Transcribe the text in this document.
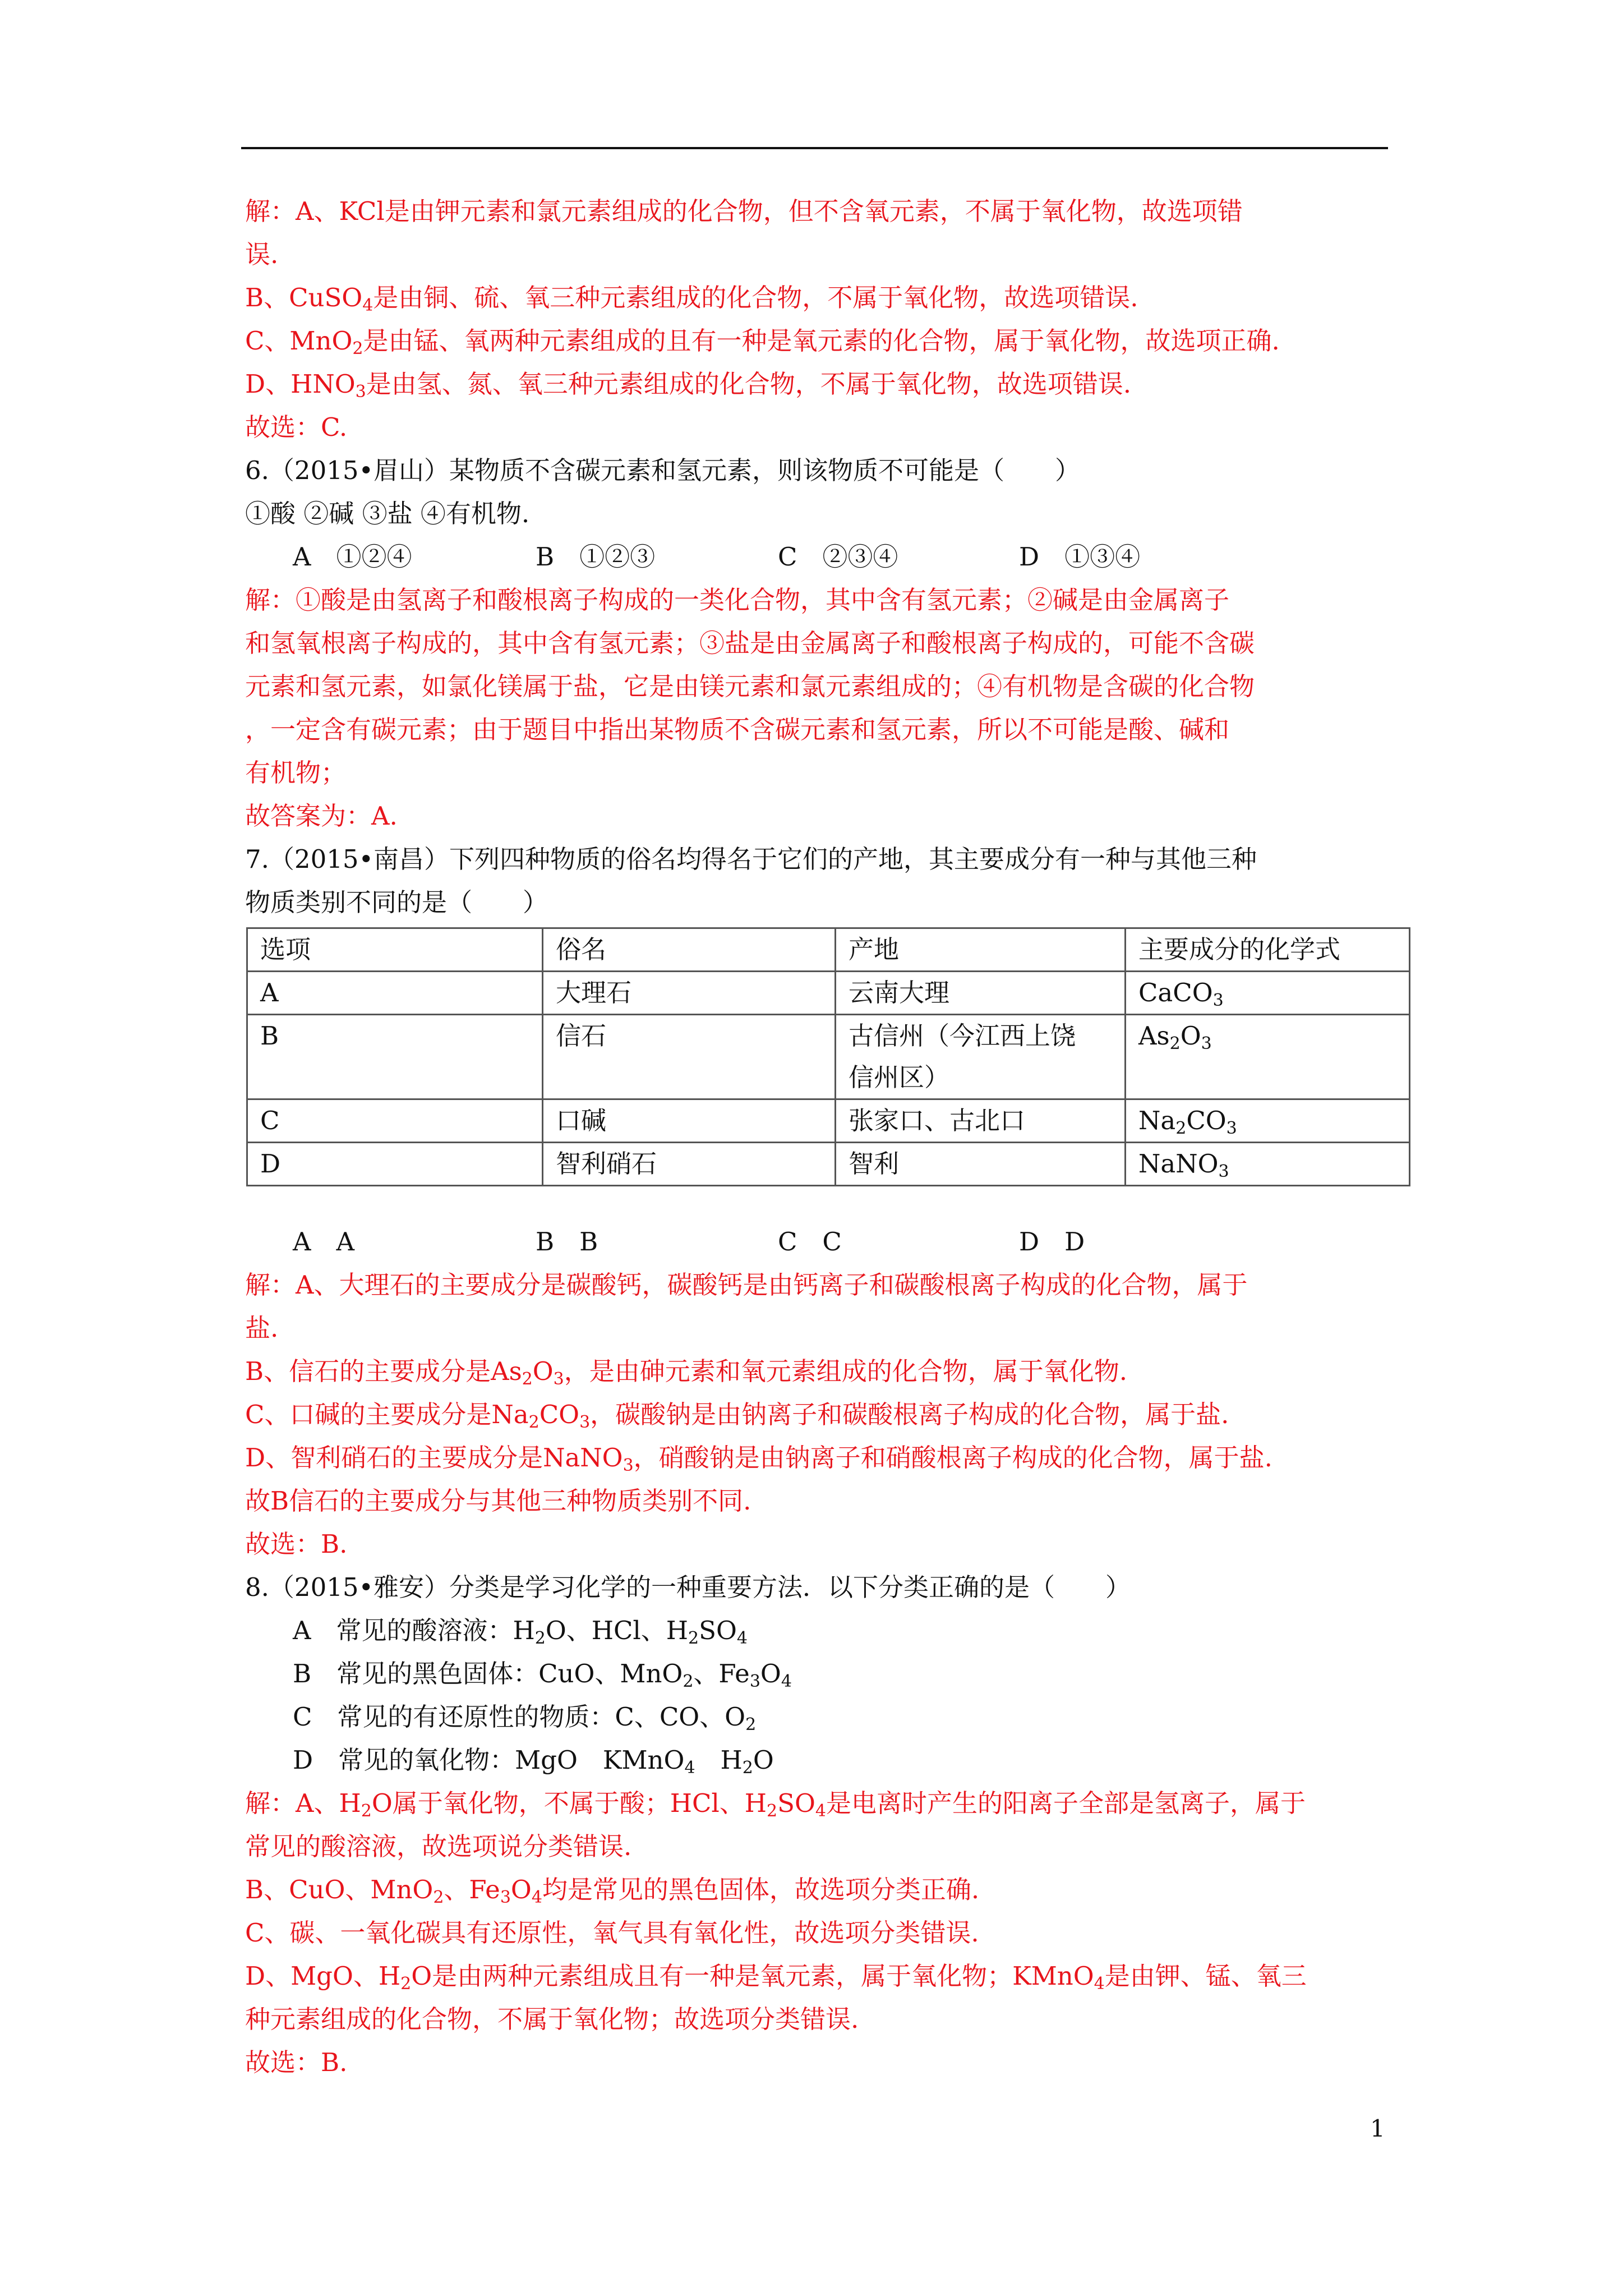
解：A、KCl是由钾元素和氯元素组成的化合物，但不含氧元素，不属于氧化物，故选项错
误.
B、CuSO$_4$是由铜、硫、氧三种元素组成的化合物，不属于氧化物，故选项错误.
C、MnO$_2$是由锰、氧两种元素组成的且有一种是氧元素的化合物，属于氧化物，故选项正确.
D、$HNO_3$是由氢、氮、氧三种元素组成的化合物，不属于氧化物，故选项错误.
故选：C.
6.（2015•眉山）某物质不含碳元素和氢元素，则该物质不可能是（　　）
①酸 ②碱 ③盐 ④有机物.
A　①②④	B　①②③	C　②③④	D　①③④
解：①酸是由氢离子和酸根离子构成的一类化合物，其中含有氢元素；②碱是由金属离子
和氢氧根离子构成的，其中含有氢元素；③盐是由金属离子和酸根离子构成的，可能不含碳
元素和氢元素，如氯化镁属于盐，它是由镁元素和氯元素组成的；④有机物是含碳的化合物
，一定含有碳元素；由于题目中指出某物质不含碳元素和氢元素，所以不可能是酸、碱和
有机物；
故答案为：A.
7.（2015•南昌）下列四种物质的俗名均得名于它们的产地，其主要成分有一种与其他三种
物质类别不同的是（　　）
选项	俗名	产地	主要成分的化学式
A	大理石	云南大理	CaCO$_3$
B	信石	古信州（今江西上饶
信州区）	$As_2O_3$
C	口碱	张家口、古北口	$Na_2CO_3$
D	智利硝石	智利	NaNO$_3$
A　A	B　B	C　C	D　D
解：A、大理石的主要成分是碳酸钙，碳酸钙是由钙离子和碳酸根离子构成的化合物，属于
盐.
B、信石的主要成分是$As_2O_3$，是由砷元素和氧元素组成的化合物，属于氧化物.
C、口碱的主要成分是$Na_2CO_3$，碳酸钠是由钠离子和碳酸根离子构成的化合物，属于盐.
D、智利硝石的主要成分是NaNO$_3$，硝酸钠是由钠离子和硝酸根离子构成的化合物，属于盐.
故B信石的主要成分与其他三种物质类别不同.
故选：B.
8.（2015•雅安）分类是学习化学的一种重要方法．以下分类正确的是（　　）
A　常见的酸溶液：$H_2O$、HCl、$H_2SO_4$
B　常见的黑色固体：CuO、MnO$_2$、$Fe_3O_4$
C　常见的有还原性的物质：C、CO、$O_2$
D　常见的氧化物：MgO　KMnO$_4$　$H_2O$
解：A、$H_2O$属于氧化物，不属于酸；HCl、$H_2SO_4$是电离时产生的阳离子全部是氢离子，属于
常见的酸溶液，故选项说分类错误.
B、CuO、MnO$_2$、$Fe_3O_4$均是常见的黑色固体，故选项分类正确.
C、碳、一氧化碳具有还原性，氧气具有氧化性，故选项分类错误.
D、MgO、$H_2O$是由两种元素组成且有一种是氧元素，属于氧化物；KMnO$_4$是由钾、锰、氧三
种元素组成的化合物，不属于氧化物；故选项分类错误.
故选：B.
1
